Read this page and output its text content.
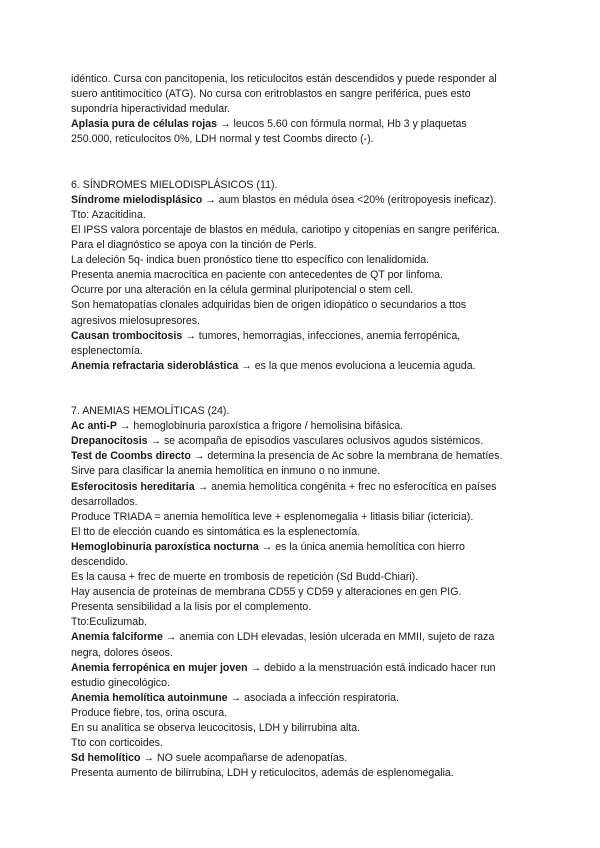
idéntico. Cursa con pancitopenia, los reticulocitos están descendidos y puede responder al
suero antitimocítico (ATG). No cursa con eritroblastos en sangre periférica, pues esto
supondría hiperactividad medular.
Aplasia pura de células rojas → leucos 5.60 con fórmula normal, Hb 3 y plaquetas
250.000, reticulocitos 0%, LDH normal y test Coombs directo (-).
6. SÍNDROMES MIELODISPLÁSICOS (11).
Síndrome mielodisplásico → aum blastos en médula ósea <20% (eritropoyesis ineficaz).
Tto: Azacitidina.
El IPSS valora porcentaje de blastos en médula, cariotipo y citopenias en sangre periférica.
Para el diagnóstico se apoya con la tinción de Perls.
La deleción 5q- indica buen pronóstico tiene tto específico con lenalidomida.
Presenta anemia macrocítica en paciente con antecedentes de QT por linfoma.
Ocurre por una alteración en la célula germinal pluripotencial o stem cell.
Son hematopatías clonales adquiridas bien de origen idiopático o secundarios a ttos
agresivos mielosupresores.
Causan trombocitosis → tumores, hemorragias, infecciones, anemia ferropénica,
esplenectomía.
Anemia refractaria sideroblástica → es la que menos evoluciona a leucemia aguda.
7. ANEMIAS HEMOLÍTICAS (24).
Ac anti-P → hemoglobinuria paroxística a frigore / hemolisina bifásica.
Drepanocitosis → se acompaña de episodios vasculares oclusivos agudos sistémicos.
Test de Coombs directo → determina la presencia de Ac sobre la membrana de hematíes.
Sirve para clasificar la anemia hemolítica en inmuno o no inmune.
Esferocitosis hereditaria → anemia hemolítica congénita + frec no esferocítica en países
desarrollados.
Produce TRIADA = anemia hemolítica leve + esplenomegalia + litiasis biliar (ictericia).
El tto de elección cuando es sintomática es la esplenectomía.
Hemoglobinuria paroxística nocturna → es la única anemia hemolítica con hierro
descendido.
Es la causa + frec de muerte en trombosis de repetición (Sd Budd-Chiari).
Hay ausencia de proteínas de membrana CD55 y CD59 y alteraciones en gen PIG.
Presenta sensibilidad a la lisis por el complemento.
Tto:Eculizumab.
Anemia falciforme → anemia con LDH elevadas, lesión ulcerada en MMII, sujeto de raza
negra, dolores óseos.
Anemia ferropénica en mujer joven → debido a la menstruación está indicado hacer run
estudio ginecológico.
Anemia hemolítica autoinmune → asociada a infección respiratoria.
Produce fiebre, tos, orina oscura.
En su analítica se observa leucocitosis, LDH y bilirrubina alta.
Tto con corticoides.
Sd hemolítico → NO suele acompañarse de adenopatías.
Presenta aumento de bilirrubina, LDH y reticulocitos, además de esplenomegalia.
